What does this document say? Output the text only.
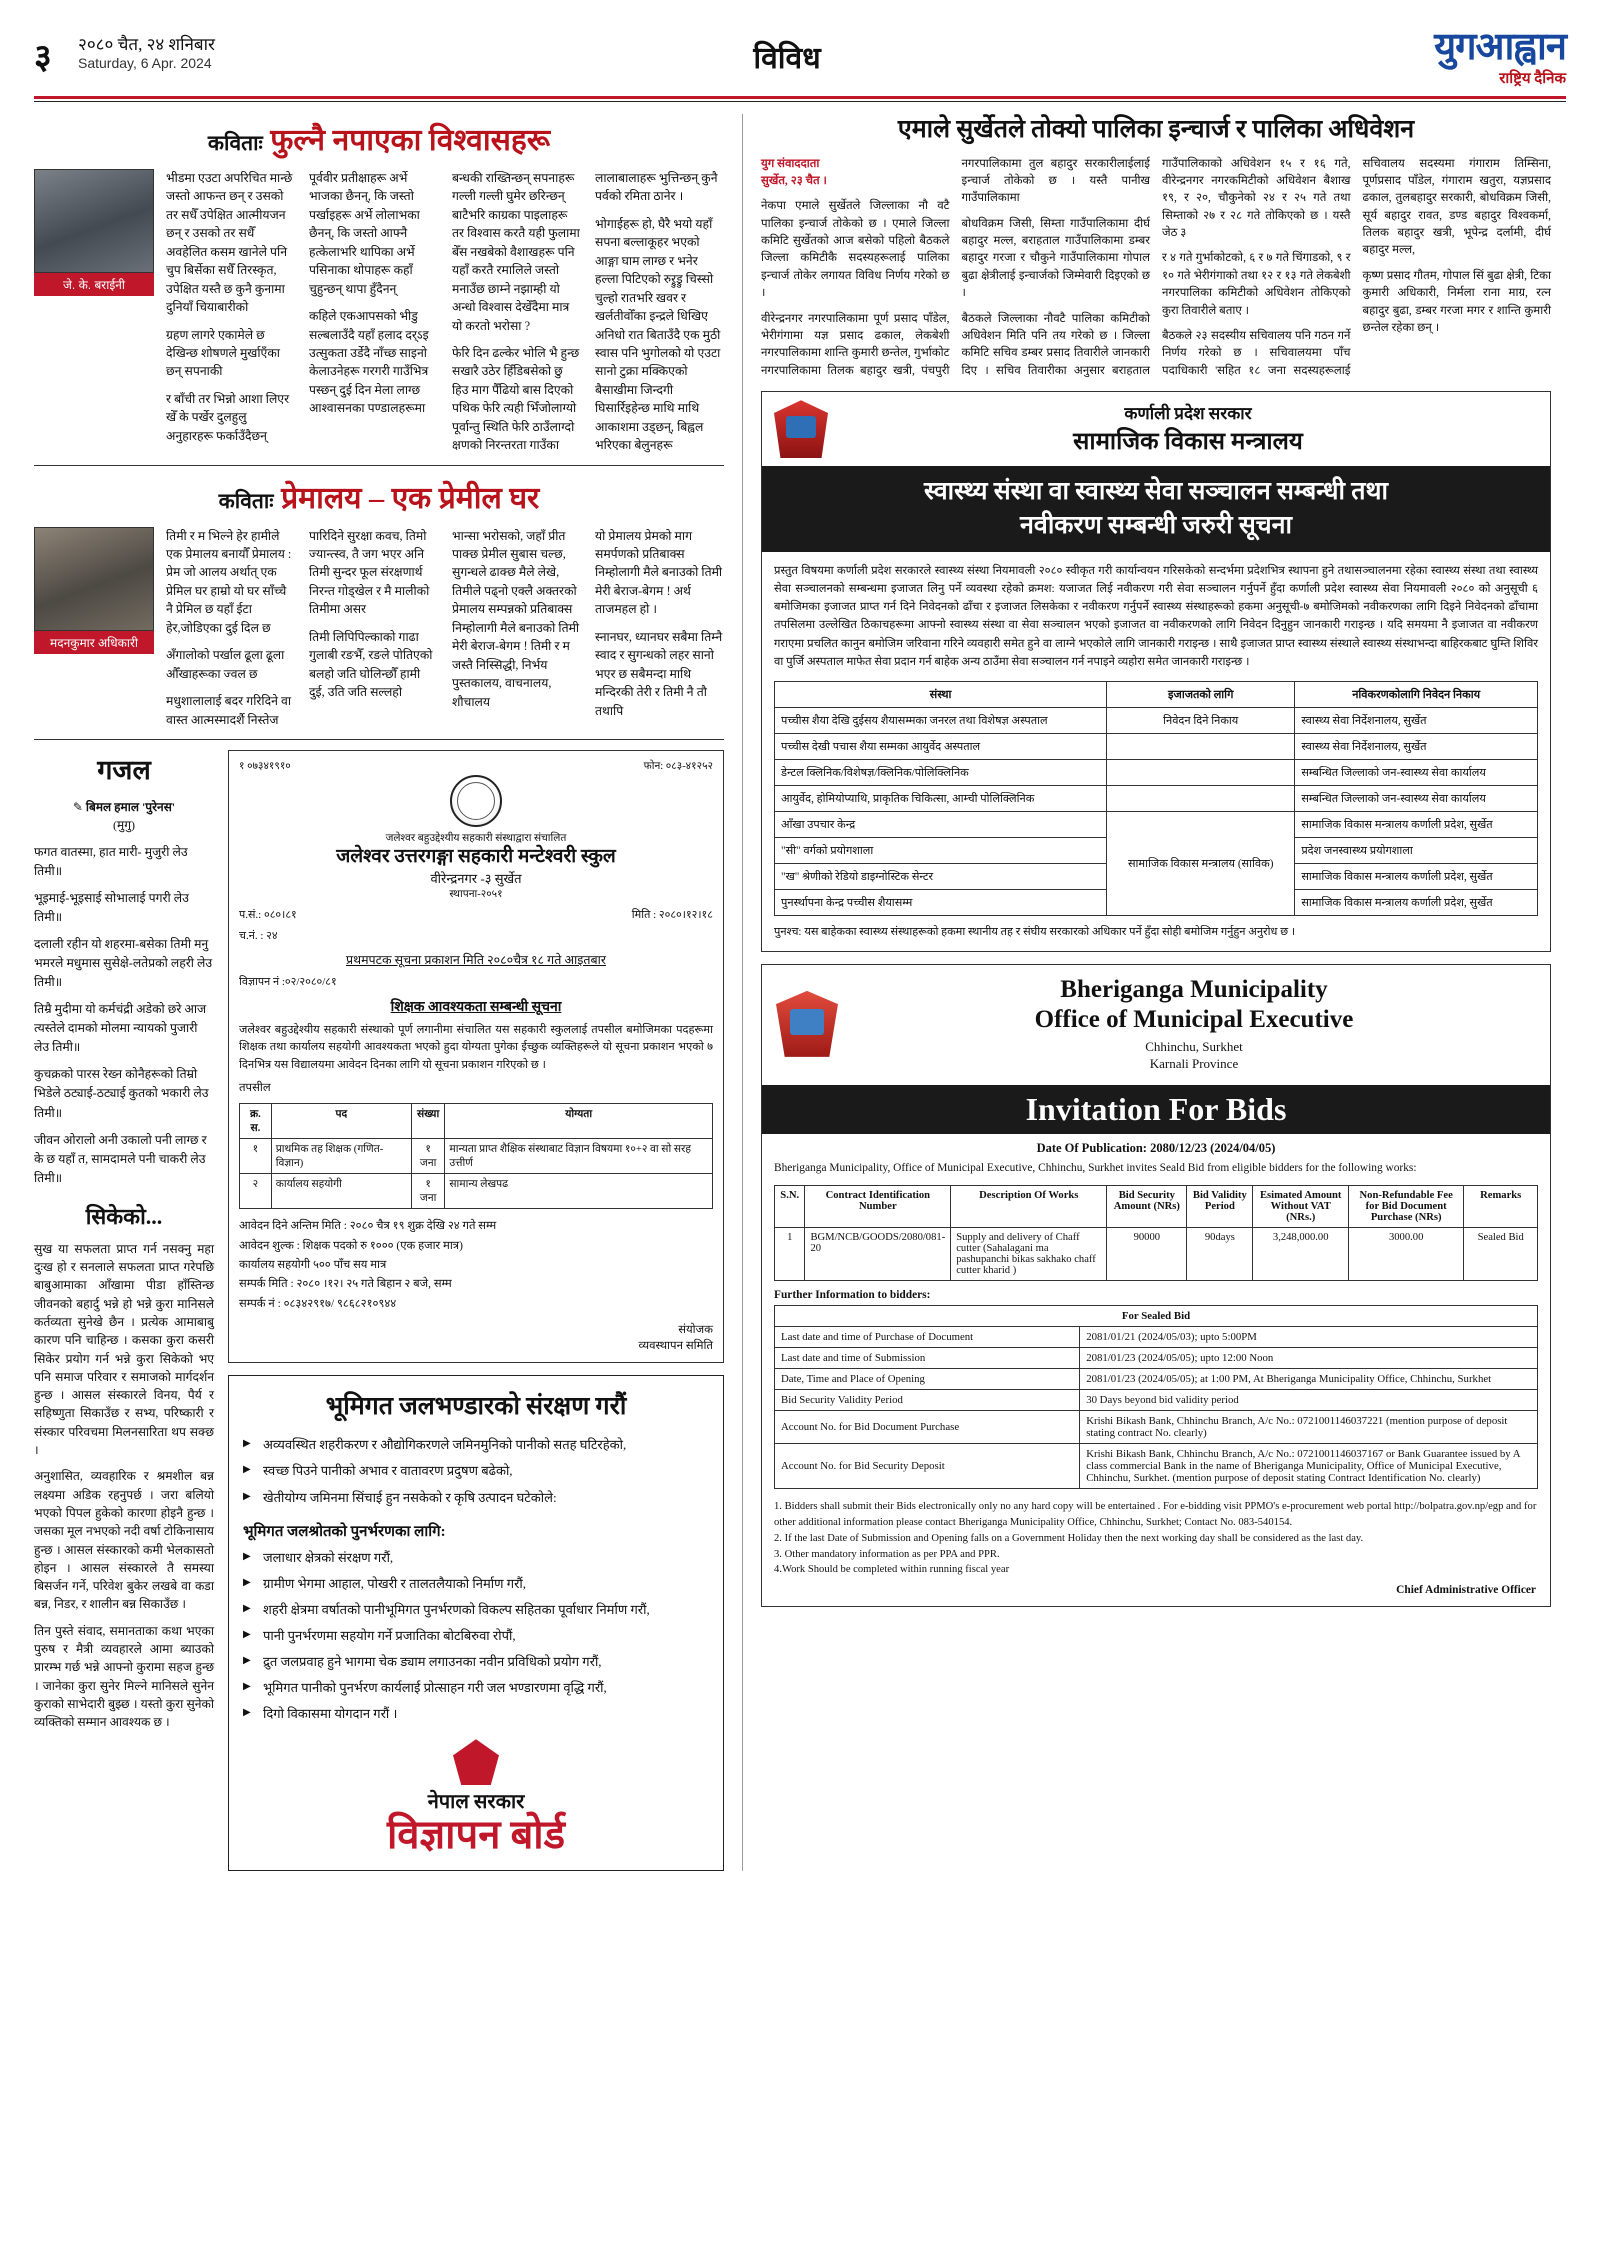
३	२०८० चैत, २४ शनिबार
Saturday, 6 Apr. 2024	विविध	युगआह्वान
राष्ट्रिय दैनिक
कविताः फुल्नै नपाएका विश्वासहरू
जे. के. बराईनी

भीडमा एउटा अपरिचित मान्छे जस्तो आफन्त छन् र उसको तर सधैँ उपेक्षित आत्मीयजन छन् र उसको तर सधैँ अवहेलित कसम खानेले पनि चुप बिर्सेका सधैँ तिरस्कृत, उपेक्षित यस्तै छ कुनै कुनामा दुनियाँ चियाबारीको

ग्रहण लागरे एकामेले छ देखिन्छ शोषणले मुर्खाएँका छन् सपनाकी

र बाँची तर भिन्नो आशा लिएर खेँ के पर्खेर दुलहुलु अनुहारहरू फर्काउँदैछन् पूर्ववीर प्रतीक्षाहरू अर्भे भाजका छैनन्, कि जस्तो पर्खाइहरू अर्भे लोलाभका छैनन्, कि जस्तो आफ्नै हत्केलाभरि थापिका अर्भे पसिनाका थोपाहरू कहाँ चुहुन्छन् थापा हुँदैनन्

कहिले एकआपसको भीडु सल्बलाउँदै यहाँ हलाद दर्ऽइ उत्सुकता उर्डेदै नाँच्छ साइनो केलाउनेहरू गरगरी गाउँभित्र पस्छन् दुई दिन मेला लाग्छ आश्वासनका पण्डालहरूमा

बन्धकी राख्तिन्छन् सपनाहरू गल्ली गल्ली घुमेर छरिन्छन् बाटैभरि काग्रका पाइलाहरू तर विश्वास करतै यही फुलामा बेँस नखबेको वैशाखहरू पनि यहाँ करतै रमालिले जस्तो मनाउँछ छाम्ने नझाम्ही यो अन्धो विश्वास देखेँदैमा मात्र यो करतो भरोसा ?

फेरि दिन ढल्केर भोलि भै हुन्छ सखारै उठेर हिँडिबसेको छु हिउ माग पैँढियो बास दिएको पथिक फेरि त्यही भिँजोलाग्यो पूर्वान्तु स्थिति फेरि ठाउँलाग्दो क्षणको निरन्तरता गाउँका लालाबालाहरू भुत्तिन्छन् कुनै पर्वको रमिता ठानेर ।

भोगाईहरू हो, घैरै भयो यहाँ सपना बल्लाकूहर भएको आङ्गा घाम लाग्छ र भनेर हल्ला पिटिएको रुऱ्रुड्रु चिस्सो चुल्हो रातभरि खवर र खर्लतीवोँका इन्द्रले धिखिए अनिधो रात बिताउँदै एक मुठी स्वास पनि भुगोलको यो एउटा सानो टुक्रा मक्किएको बैसाखीमा जिन्दगी घिसार्रिइहेन्छ माथि माथि आकाशमा उड्छन्, बिह्वल भरिएका बेलुनहरू

कविताः प्रेमालय – एक प्रेमील घर
मदनकुमार अधिकारी

तिमी र म भिल्ने हेर हामीले एक प्रेमालय बनायौँ प्रेमालय : प्रेम जो आलय अर्थात् एक प्रेमिल घर हाम्रो यो घर साँच्चै नै प्रेमिल छ यहाँ ईटा हेर,जोडिएका दुई दिल छ

अँगालोको पर्खाल ढूला ढूला औँखाहरूका ज्वल छ

मधुशालालाई बदर गरिदिने वा वास्त आत्मस्मादर्शै निस्तेज पारिदिने सुरक्षा कवच, तिमो ज्यान्त्स्व, तै जग भएर अनि तिमी सुन्दर फूल संरक्षणार्थ निरन्त गोड्खेल र मै मालीको तिमीमा असर

तिमी लिपिपिल्काको गाढा गुलाबी रङभैँ, रङले पोतिएको बलहो जति घोलिन्छौँ हामी दुई, उति जति सल्लहो

भान्सा भरोसको, जहाँ प्रीत पाक्छ प्रेमील सुबास चल्छ, सुगन्धले ढाक्छ मैले लेखे, तिमीले पढ्नो एक्लै अक्तरको प्रेमालय सम्पन्नको प्रतिबाक्स निम्होलागी मैले बनाउको तिमी मेरी बेराज-बेगम ! तिमी र म जस्तै निस्सिद्धी, निर्भय पुस्तकालय, वाचनालय, शौचालय

यो प्रेमालय प्रेमको माग समर्पणको प्रतिबाक्स निम्होलागी मैले बनाउको तिमी मेरी बेराज-बेगम ! अर्थ ताजमहल हो ।

स्नानघर, ध्यानघर सबैमा तिम्नै स्वाद र सुगन्धको लहर सानो भएर छ सबैमन्दा माथि मन्दिरकी तेरी र तिमी नै तौ तथापि

गजल
✎ बिमल हमाल 'पुरेनस'
(मुगु)

फगत वातस्मा, हात मारी- मुजुरी लेउ तिमी॥

भूइमाई-भूइसाई सोभालाई पगरी लेउ तिमी॥

दलाली रहीन यो शहरमा-बसेका तिमी मनु भमरले मधुमास सुसेक्षे-लतेप्रको लहरी लेउ तिमी॥

तिम्रै मुदीमा यो कर्मचंद्री अडेको छरे आज त्यस्तेले दामको मोलमा न्यायको पुजारी लेउ तिमी॥

कुचक्रको पारस रेख्न कोनैहरूको तिम्रो भिडेले ठट्याई-ठट्याई कुतको भकारी लेउ तिमी॥

जीवन ओरालो अनी उकालो पनी लाग्छ र के छ यहाँ त, सामदामले पनी चाकरी लेउ तिमी॥

सिकेको...

सुख या सफलता प्राप्त गर्न नसक्नु महा दुःख हो र सनलाले सफलता प्राप्त गरेपछि बाबुआमाका आँखामा पीडा हाँस्तिन्छ जीवनको बहार्दु भन्ने हो भन्ने कुरा मानिसले कर्तव्यता सुनेखे छैन । प्रत्येक आमाबाबु कारण पनि चाहिन्छ । कसका कुरा कसरी सिकेर प्रयोग गर्न भन्ने कुरा सिकेको भए पनि समाज परिवार र समाजको मार्गदर्शन हुन्छ । आसल संस्कारले विनय, पैर्य र सहिष्णुता सिकाउँछ र सभ्य, परिष्कारी र संस्कार परिवचमा मिलनसारिता थप सक्छ ।

अनुशासित, व्यवहारिक र श्रमशील बन्न लक्ष्यमा अडिक रहनुपर्छ । जरा बलियो भएको पिपल हुकेको कारणा होइनै हुन्छ । जसका मूल नभएको नदी वर्षा टोकिनासाय हुन्छ । आसल संस्कारको कमी भेलकासतो होइन । आसल संस्कारले तै समस्या बिसर्जन गर्ने, परिवेश बुकेर लखबे वा कडा बन्न, निडर, र शालीन बन्न सिकाउँछ ।

तिन पुस्ते संवाद, समानताका कथा भएका पुरुष र मैत्री व्यवहारले आमा ब्याउको प्रारम्भ गर्छ भन्ने आफ्नो कुरामा सहज हुन्छ । जानेका कुरा सुनेर मिल्ने मानिसले सुनेन कुराको साभेदारी बुझ्छ । यस्तो कुरा सुनेको व्यक्तिको सम्मान आवश्यक छ ।

१ ०७३४१९१०	फोन: ०८३-४१२५२
जलेश्वर बहुउद्देश्यीय सहकारी संस्थाद्वारा संचालित
जलेश्वर उत्तरगङ्गा सहकारी मन्टेश्वरी स्कुल
वीरेन्द्रनगर -३ सुर्खेत
स्थापना-२०५१
प.सं.: ०८०।८१	मिति : २०८०।१२।१८
च.नं. : २४
प्रथमपटक सूचना प्रकाशन मिति २०८०चैत्र १८ गते आइतबार
विज्ञापन नं :०२/२०८०/८१
शिक्षक आवश्यकता सम्बन्धी सूचना
जलेश्वर बहुउद्देश्यीय सहकारी संस्थाको पूर्ण लगानीमा संचालित यस सहकारी स्कुललाई तपसील बमोजिमका पदहरूमा शिक्षक तथा कार्यालय सहयोगी आवश्यकता भएको हुदा योग्यता पुगेका ईच्छुक व्यक्तिहरूले यो सूचना प्रकाशन भएको ७ दिनभित्र यस विद्यालयमा आवेदन दिनका लागि यो सूचना प्रकाशन गरिएको छ ।
तपसील
क्र. स.	पद	संख्या	योग्यता
१	प्राथमिक तह शिक्षक (गणित-विज्ञान)	१ जना	मान्यता प्राप्त शैक्षिक संस्थाबाट विज्ञान विषयमा १०+२ वा सो सरह उत्तीर्ण
२	कार्यालय सहयोगी	१ जना	सामान्य लेखपढ
आवेदन दिने अन्तिम मिति : २०८० चैत्र १९ शुक्र देखि २४ गते सम्म
आवेदन शुल्क : शिक्षक पदको रु १००० (एक हजार मात्र)
कार्यालय सहयोगी ५०० पाँच सय मात्र
सम्पर्क मिति : २०८० ।१२। २५ गते बिहान २ बजे, सम्म
सम्पर्क नं : ०८३४२९१७/ ९८६८२१०९४४
संयोजक
व्यवस्थापन समिति
भूमिगत जलभण्डारको संरक्षण गरौं
▶ अव्यवस्थित शहरीकरण र औद्योगिकरणले जमिनमुनिको पानीको सतह घटिरहेको,
▶ स्वच्छ पिउने पानीको अभाव र वातावरण प्रदुषण बढेको,
▶ खेतीयोग्य जमिनमा सिंचाई हुन नसकेको र कृषि उत्पादन घटेकोले:
भूमिगत जलश्रोतको पुनर्भरणका लागि:
▶ जलाधार क्षेत्रको संरक्षण गरौं,
▶ ग्रामीण भेगमा आहाल, पोखरी र तालतलैयाको निर्माण गरौं,
▶ शहरी क्षेत्रमा वर्षातको पानीभूमिगत पुनर्भरणको विकल्प सहितका पूर्वाधार निर्माण गरौं,
▶ पानी पुनर्भरणमा सहयोग गर्ने प्रजातिका बोटबिरुवा रोपौं,
▶ द्रुत जलप्रवाह हुने भागमा चेक ड्याम लगाउनका नवीन प्रविधिको प्रयोग गरौं,
▶ भूमिगत पानीको पुनर्भरण कार्यलाई प्रोत्साहन गरी जल भण्डारणमा वृद्धि गरौं,
▶ दिगो विकासमा योगदान गरौं ।
नेपाल सरकार
विज्ञापन बोर्ड
एमाले सुर्खेतले तोक्यो पालिका इन्चार्ज र पालिका अधिवेशन

युग संवाददाता
सुर्खेत, २३ चैत ।

नेकपा एमाले सुर्खेतले जिल्लाका नौ वटै पालिका इन्चार्ज तोकेको छ । एमाले जिल्ला कमिटि सुर्खेतको आज बसेको पहिलो बैठकले जिल्ला कमिटीकै सदस्यहरूलाई पालिका इन्चार्ज तोकेर लगायत विविध निर्णय गरेको छ ।

वीरेन्द्रनगर नगरपालिकामा पूर्ण प्रसाद पाँडेल, भेरीगंगामा यज्ञ प्रसाद ढकाल, लेकबेशी नगरपालिकामा शान्ति कुमारी छन्तेल, गुर्भाकोट नगरपालिकामा तिलक बहादुर खत्री, पंचपुरी नगरपालिकामा तुल बहादुर सरकारीलाईलाई इन्चार्ज तोकेको छ । यस्तै पानीख गाउँपालिकामा

बोधविक्रम जिसी, सिम्ता गाउँपालिकामा दीर्घ बहादुर मल्ल, बराहताल गाउँपालिकामा डम्बर बहादुर गरजा र चौकुने गाउँपालिकामा गोपाल बुढा क्षेत्रीलाई इन्चार्जको जिम्मेवारी दिइएको छ ।

बैठकले जिल्लाका नौवटै पालिका कमिटीको अधिवेशन मिति पनि तय गरेको छ । जिल्ला कमिटि सचिव डम्बर प्रसाद तिवारीले जानकारी दिए । सचिव तिवारीका अनुसार बराहताल गाउँपालिकाको अधिवेशन १५ र १६ गते, वीरेन्द्रनगर नगरकमिटीको अधिवेशन बैशाख १९, र २०, चौकुनेको २४ र २५ गते तथा सिम्ताको २७ र २८ गते तोकिएको छ । यस्तै जेठ ३

र ४ गते गुर्भाकोटको, ६ र ७ गते चिंगाडको, ९ र १० गते भेरीगंगाको तथा १२ र १३ गते लेकबेशी नगरपालिका कमिटीको अधिवेशन तोकिएको कुरा तिवारीले बताए ।

बैठकले २३ सदस्यीय सचिवालय पनि गठन गर्ने निर्णय गरेको छ । सचिवालयमा पाँच पदाधिकारी 'सहित १८ जना सदस्यहरूलाई सचिवालय सदस्यमा गंगाराम तिम्सिना, पूर्णप्रसाद पाँडेल, गंगाराम खतुरा, यज्ञप्रसाद ढकाल, तुलबहादुर सरकारी, बोधविक्रम जिसी, सूर्य बहादुर रावत, डण्ड बहादुर विश्वकर्मा, तिलक बहादुर खत्री, भूपेन्द्र दर्लामी, दीर्घ बहादुर मल्ल,

कृष्ण प्रसाद गौतम, गोपाल सिं बुढा क्षेत्री, टिका कुमारी अधिकारी, निर्मला राना माग्र, रत्न बहादुर बुढा, डम्बर गरजा मगर र शान्ति कुमारी छन्तेल रहेका छन् ।

कर्णाली प्रदेश सरकार
सामाजिक विकास मन्त्रालय
स्वास्थ्य संस्था वा स्वास्थ्य सेवा सञ्चालन सम्बन्धी तथा
नवीकरण सम्बन्धी जरुरी सूचना
प्रस्तुत विषयमा कर्णाली प्रदेश सरकारले स्वास्थ्य संस्था नियमावली २०८० स्वीकृत गरी कार्यान्वयन गरिसकेको सन्दर्भमा प्रदेशभित्र स्थापना हुने तथासञ्चालनमा रहेका स्वास्थ्य संस्था तथा स्वास्थ्य सेवा सञ्चालनको सम्बन्धमा इजाजत लिनु पर्ने व्यवस्था रहेको क्रमश: यजाजत लिई नवीकरण गरी सेवा सञ्चालन गर्नुपर्ने हुँदा कर्णाली प्रदेश स्वास्थ्य सेवा नियमावली २०८० को अनुसूची ६ बमोजिमका इजाजत प्राप्त गर्न दिने निवेदनको ढाँचा र इजाजत लिसकेका र नवीकरण गर्नुपर्ने स्वास्थ्य संस्थाहरूको हकमा अनुसूची-७ बमोजिमको नवीकरणका लागि दिइने निवेदनको ढाँचामा तपसिलमा उल्लेखित ठिकाचहरूमा आफ्नो स्वास्थ्य संस्था वा सेवा सञ्चालन भएको इजाजत वा नवीकरणको लागि निवेदन दिनुहुन जानकारी गराइन्छ । यदि समयमा नै इजाजत वा नवीकरण गराएमा प्रचलित कानुन बमोजिम जरिवाना गरिने व्यवहारी समेत हुने वा लाग्ने भएकोले लागि जानकारी गराइन्छ । साथै इजाजत प्राप्त स्वास्थ्य संस्थाले स्वास्थ्य संस्थाभन्दा बाहिरकबाट घुम्ति शिविर वा पुर्जि अस्पताल माफेत सेवा प्रदान गर्न बाहेक अन्य ठाउँमा सेवा सञ्चालन गर्न नपाइने व्यहोरा समेत जानकारी गराइन्छ ।
संस्था	इजाजतको लागि	नविकरणकोलागि निवेदन निकाय
पच्चीस शैया देखि दुईसय शैयासम्मका जनरल तथा विशेषज्ञ अस्पताल	निवेदन दिने निकाय	स्वास्थ्य सेवा निर्देशनालय, सुर्खेत
पच्चीस देखी पचास शैया सम्मका आयुर्वेद अस्पताल		स्वास्थ्य सेवा निर्देशनालय, सुर्खेत
डेन्टल क्लिनिक/विशेषज्ञ/क्लिनिक/पोलिक्लिनिक		सम्बन्धित जिल्लाको जन-स्वास्थ्य सेवा कार्यालय
आयुर्वेद, होमियोप्याथि, प्राकृतिक चिकित्सा, आम्ची पोलिक्लिनिक		सम्बन्धित जिल्लाको जन-स्वास्थ्य सेवा कार्यालय
आँखा उपचार केन्द्र	सामाजिक विकास मन्त्रालय (साविक)	सामाजिक विकास मन्त्रालय कर्णाली प्रदेश, सुर्खेत
"सी" वर्गको प्रयोगशाला		प्रदेश जनस्वास्थ्य प्रयोगशाला
"ख" श्रेणीको रेडियो डाइग्नोस्टिक सेन्टर		सामाजिक विकास मन्त्रालय कर्णाली प्रदेश, सुर्खेत
पुनर्स्थापना केन्द्र पच्चीस शैयासम्म		सामाजिक विकास मन्त्रालय कर्णाली प्रदेश, सुर्खेत
पुनश्च: यस बाहेकका स्वास्थ्य संस्थाहरूको हकमा स्थानीय तह र संघीय सरकारको अधिकार पर्ने हुँदा सोही बमोजिम गर्नुहुन अनुरोध छ ।
Bheriganga Municipality
Office of Municipal Executive
Chhinchu, Surkhet
Karnali Province
Invitation For Bids
Date Of Publication: 2080/12/23 (2024/04/05)
Bheriganga Municipality, Office of Municipal Executive, Chhinchu, Surkhet invites Seald Bid from eligible bidders for the following works:
S.N.	Contract Identification Number	Description Of Works	Bid Security Amount (NRs)	Bid Validity Period	Esimated Amount Without VAT (NRs.)	Non-Refundable Fee for Bid Document Purchase (NRs)	Remarks
1	BGM/NCB/GOODS/2080/081-20	Supply and delivery of Chaff cutter (Sahalagani ma pashupanchi bikas sakhako chaff cutter kharid )	90000	90days	3,248,000.00	3000.00	Sealed Bid
Further Information to bidders:
For Sealed Bid	
Last date and time of Purchase of Document	2081/01/21 (2024/05/03); upto 5:00PM
Last date and time of Submission	2081/01/23 (2024/05/05); upto 12:00 Noon
Date, Time and Place of Opening	2081/01/23 (2024/05/05); at 1:00 PM, At Bheriganga Municipality Office, Chhinchu, Surkhet
Bid Security Validity Period	30 Days beyond bid validity period
Account No. for Bid Document Purchase	Krishi Bikash Bank, Chhinchu Branch, A/c No.: 0721001146037221 (mention purpose of deposit stating contract No. clearly)
Account No. for Bid Security Deposit	Krishi Bikash Bank, Chhinchu Branch, A/c No.: 0721001146037167 or Bank Guarantee issued by A class commercial Bank in the name of Bheriganga Municipality, Office of Municipal Executive, Chhinchu, Surkhet. (mention purpose of deposit stating Contract Identification No. clearly)
1. Bidders shall submit their Bids electronically only no any hard copy will be entertained . For e-bidding visit PPMO's e-procurement web portal http://bolpatra.gov.np/egp and for other additional information please contact Bheriganga Municipality Office, Chhinchu, Surkhet; Contact No. 083-540154.
2. If the last Date of Submission and Opening falls on a Government Holiday then the next working day shall be considered as the last day.
3. Other mandatory information as per PPA and PPR.
4.Work Should be completed within running fiscal year
Chief Administrative Officer
